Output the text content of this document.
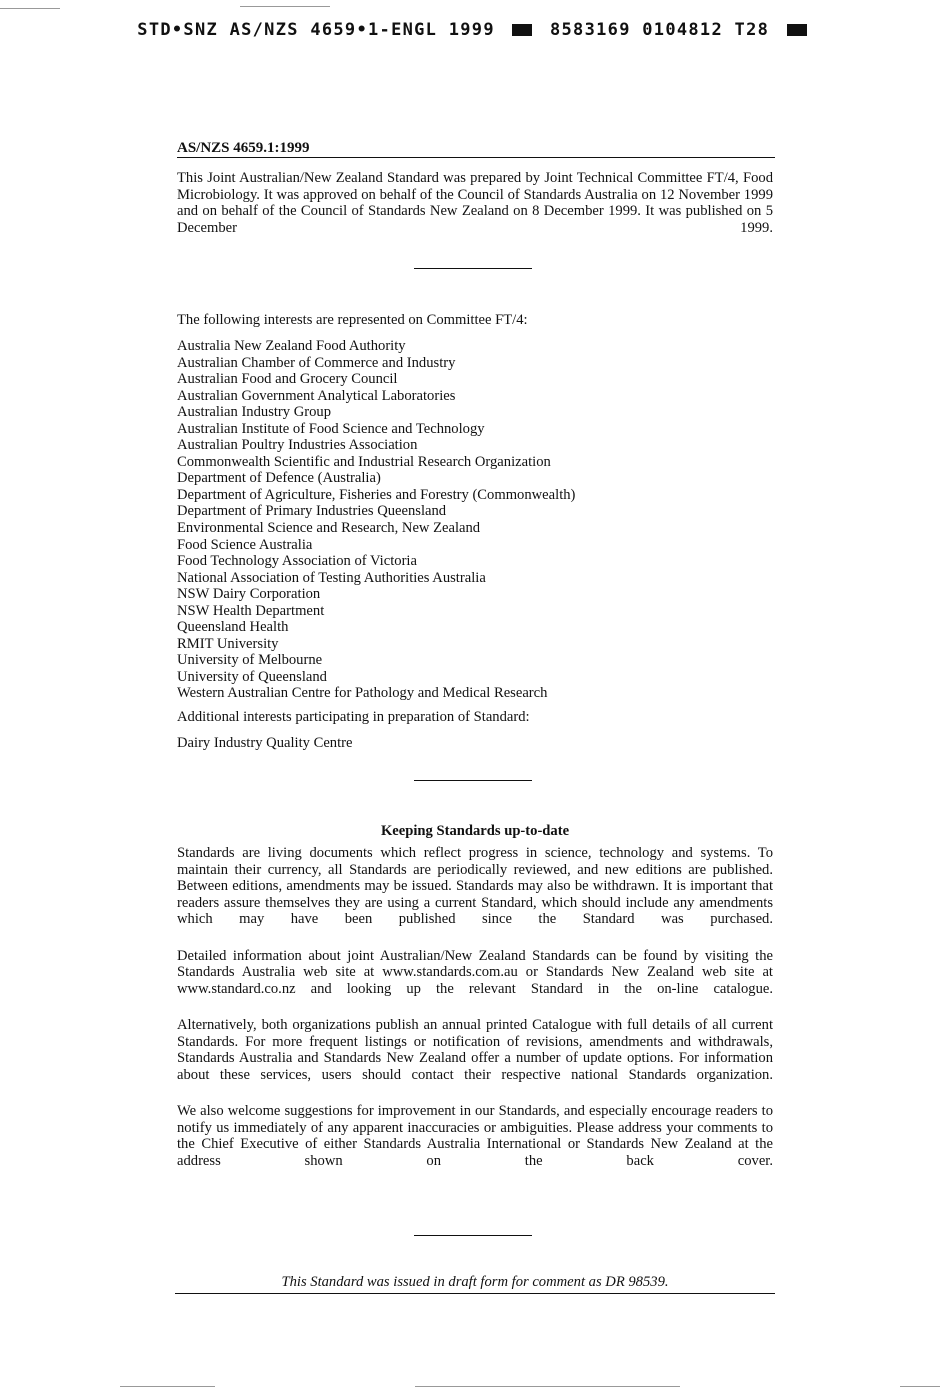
STD•SNZ AS/NZS 4659•1-ENGL 1999	8583169 0104812 T28
AS/NZS 4659.1:1999
This Joint Australian/New Zealand Standard was prepared by Joint Technical Committee FT/4, Food Microbiology. It was approved on behalf of the Council of Standards Australia on 12 November 1999 and on behalf of the Council of Standards New Zealand on 8 December 1999. It was published on 5 December 1999.
The following interests are represented on Committee FT/4:
Australia New Zealand Food Authority
Australian Chamber of Commerce and Industry
Australian Food and Grocery Council
Australian Government Analytical Laboratories
Australian Industry Group
Australian Institute of Food Science and Technology
Australian Poultry Industries Association
Commonwealth Scientific and Industrial Research Organization
Department of Defence (Australia)
Department of Agriculture, Fisheries and Forestry (Commonwealth)
Department of Primary Industries Queensland
Environmental Science and Research, New Zealand
Food Science Australia
Food Technology Association of Victoria
National Association of Testing Authorities Australia
NSW Dairy Corporation
NSW Health Department
Queensland Health
RMIT University
University of Melbourne
University of Queensland
Western Australian Centre for Pathology and Medical Research
Additional interests participating in preparation of Standard:
Dairy Industry Quality Centre
Keeping Standards up-to-date
Standards are living documents which reflect progress in science, technology and systems. To maintain their currency, all Standards are periodically reviewed, and new editions are published. Between editions, amendments may be issued. Standards may also be withdrawn. It is important that readers assure themselves they are using a current Standard, which should include any amendments which may have been published since the Standard was purchased.
Detailed information about joint Australian/New Zealand Standards can be found by visiting the Standards Australia web site at www.standards.com.au or Standards New Zealand web site at www.standard.co.nz and looking up the relevant Standard in the on-line catalogue.
Alternatively, both organizations publish an annual printed Catalogue with full details of all current Standards. For more frequent listings or notification of revisions, amendments and withdrawals, Standards Australia and Standards New Zealand offer a number of update options. For information about these services, users should contact their respective national Standards organization.
We also welcome suggestions for improvement in our Standards, and especially encourage readers to notify us immediately of any apparent inaccuracies or ambiguities. Please address your comments to the Chief Executive of either Standards Australia International or Standards New Zealand at the address shown on the back cover.
This Standard was issued in draft form for comment as DR 98539.
